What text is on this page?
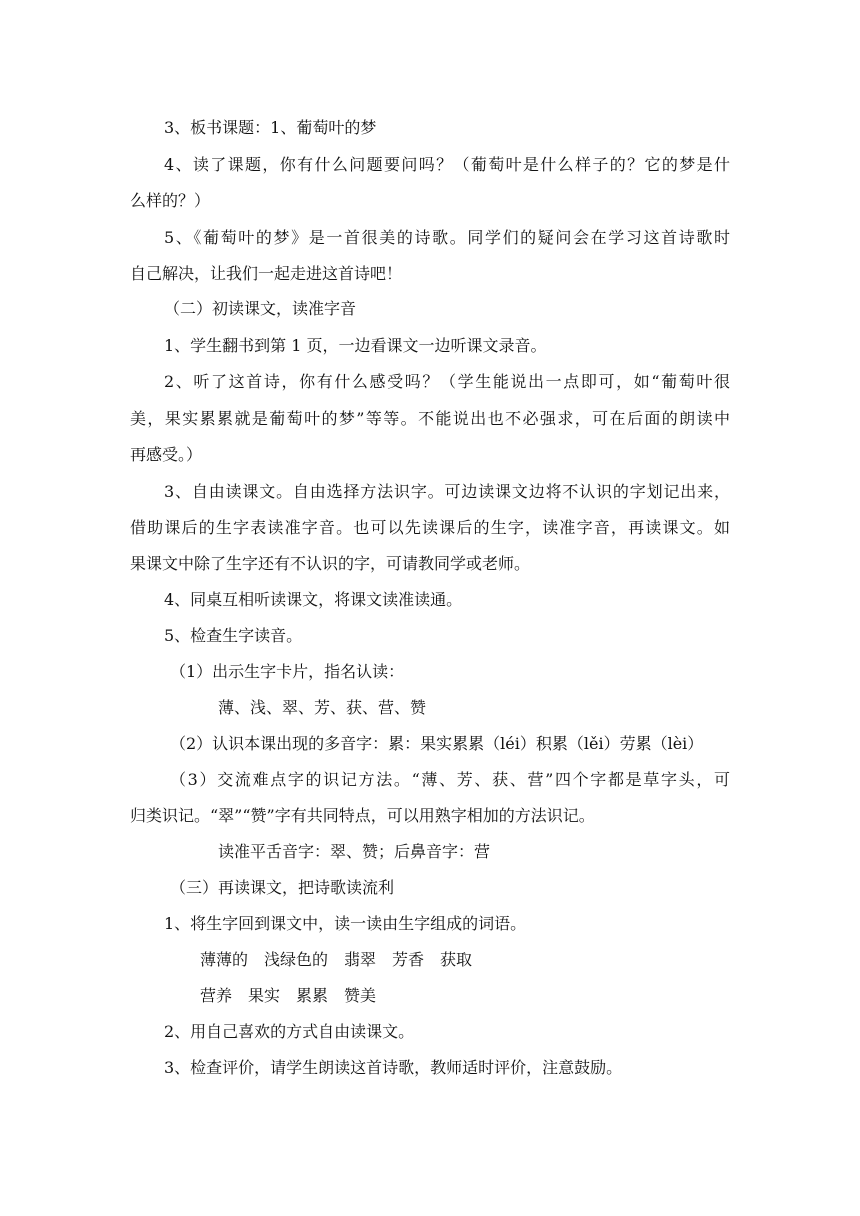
3、板书课题：1、葡萄叶的梦
4、读了课题，你有什么问题要问吗？（葡萄叶是什么样子的？它的梦是什
么样的？）
5、《葡萄叶的梦》是一首很美的诗歌。同学们的疑问会在学习这首诗歌时
自己解决，让我们一起走进这首诗吧！
（二）初读课文，读准字音
1、学生翻书到第 1 页，一边看课文一边听课文录音。
2、听了这首诗，你有什么感受吗？（学生能说出一点即可，如“葡萄叶很
美，果实累累就是葡萄叶的梦”等等。不能说出也不必强求，可在后面的朗读中
再感受。）
3、自由读课文。自由选择方法识字。可边读课文边将不认识的字划记出来，
借助课后的生字表读准字音。也可以先读课后的生字，读准字音，再读课文。如
果课文中除了生字还有不认识的字，可请教同学或老师。
4、同桌互相听读课文，将课文读准读通。
5、检查生字读音。
（1）出示生字卡片，指名认读：
薄、浅、翠、芳、获、营、赞
（2）认识本课出现的多音字：累：果实累累（léi）积累（lěi）劳累（lèi）
（3）交流难点字的识记方法。“薄、芳、获、营”四个字都是草字头，可
归类识记。“翠”“赞”字有共同特点，可以用熟字相加的方法识记。
读准平舌音字：翠、赞；后鼻音字：营
（三）再读课文，把诗歌读流利
1、将生字回到课文中，读一读由生字组成的词语。
薄薄的　浅绿色的　翡翠　芳香　获取
营养　果实　累累　赞美
2、用自己喜欢的方式自由读课文。
3、检查评价，请学生朗读这首诗歌，教师适时评价，注意鼓励。
